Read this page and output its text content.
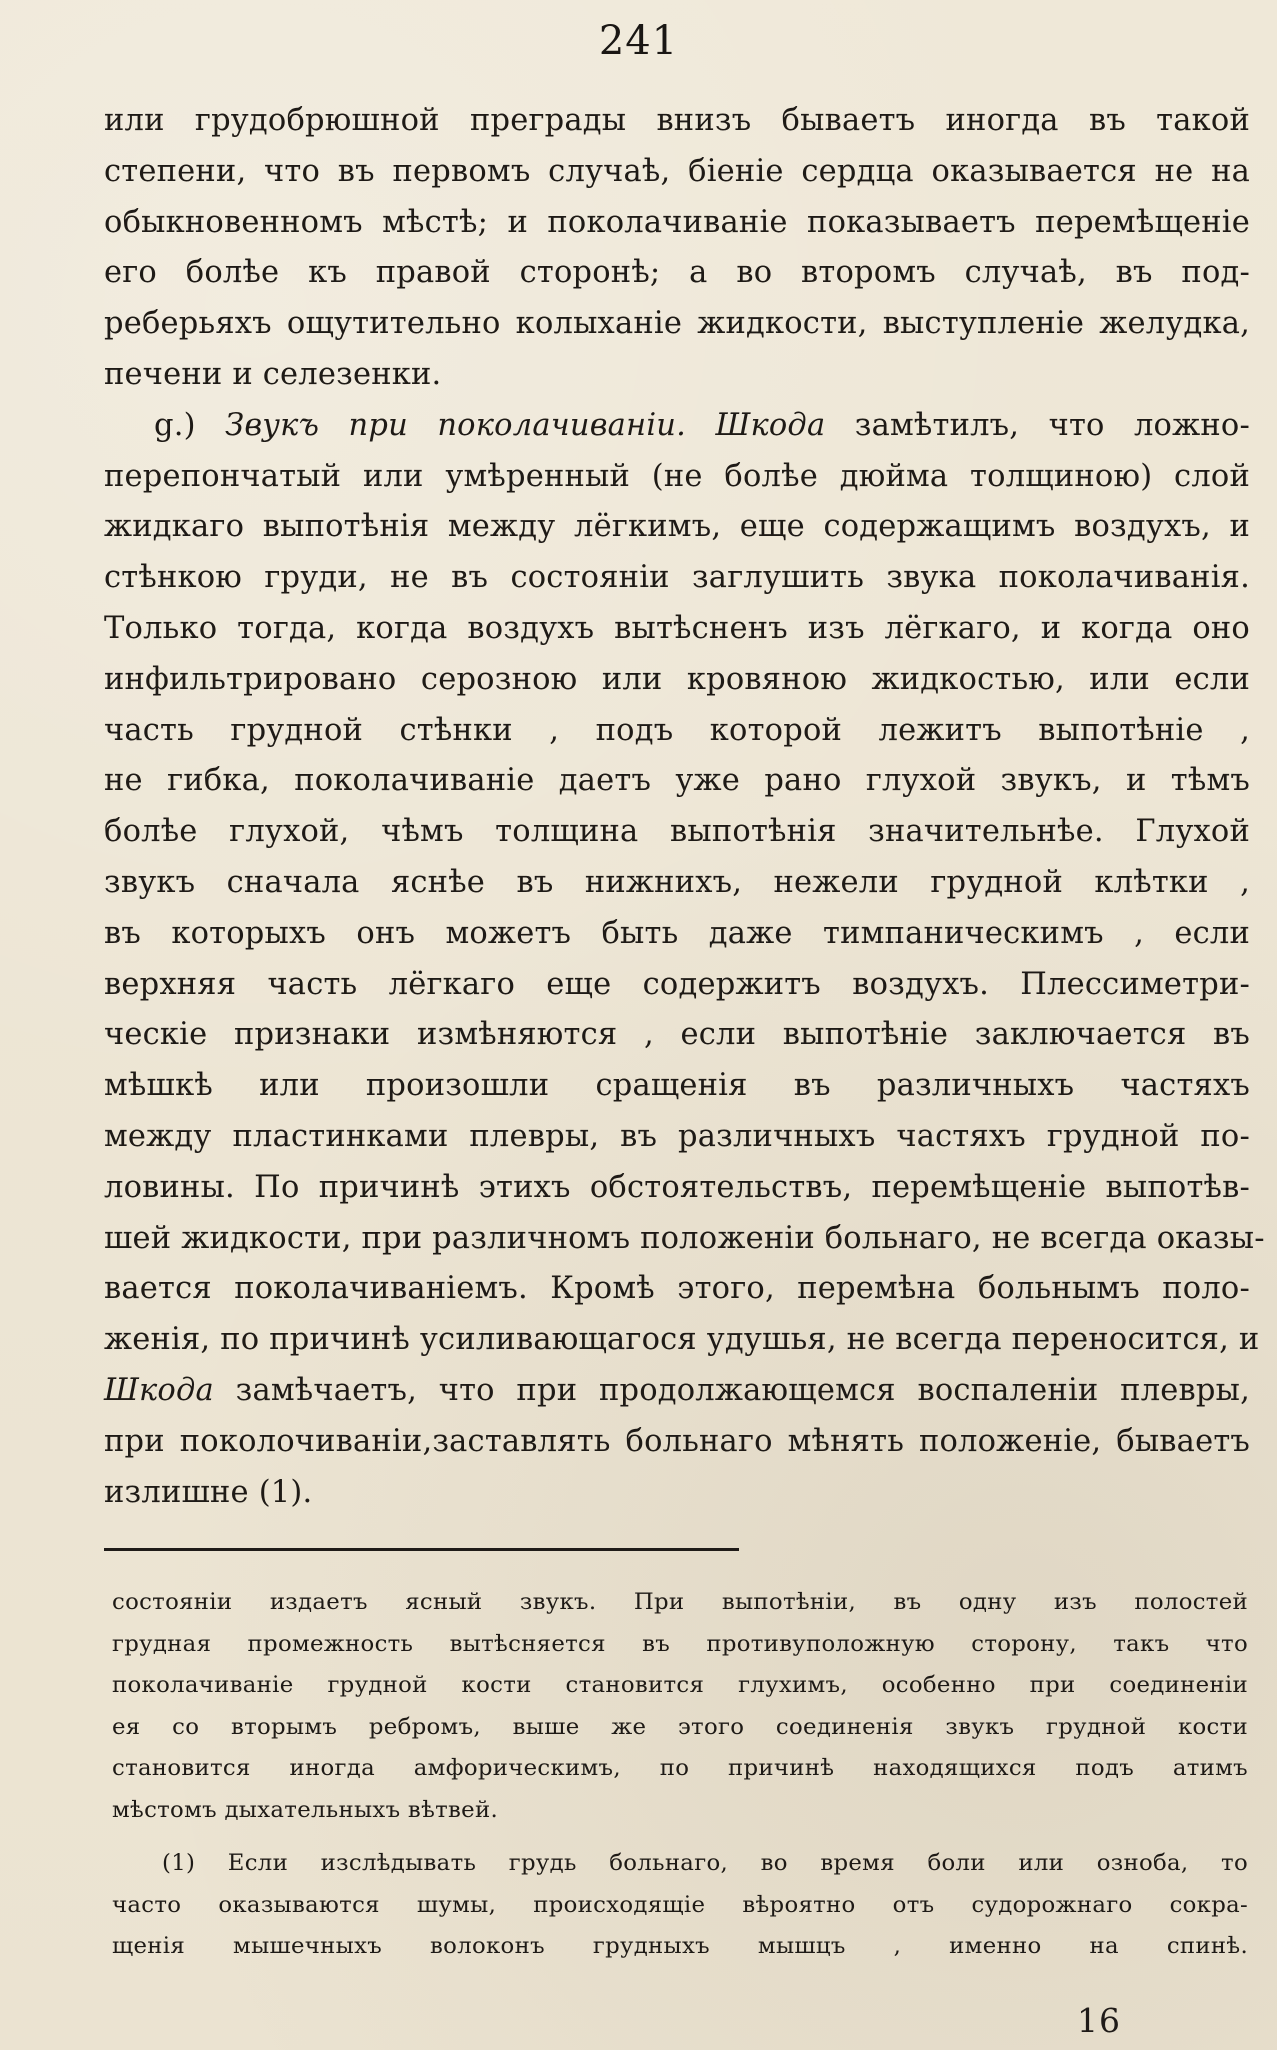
241
или грудобрюшной преграды внизъ бываетъ иногда въ такой
степени, что въ первомъ случаѣ, біеніе сердца оказывается не на
обыкновенномъ мѣстѣ; и поколачиваніе показываетъ перемѣщеніе
его болѣе къ правой сторонѣ; а во второмъ случаѣ, въ под-
реберьяхъ ощутительно колыханіе жидкости, выступленіе желудка,
печени и селезенки.
g.) Звукъ при поколачиваніи. Шкода замѣтилъ, что ложно-
перепончатый или умѣренный (не болѣе дюйма толщиною) слой
жидкаго выпотѣнія между лёгкимъ, еще содержащимъ воздухъ, и
стѣнкою груди, не въ состояніи заглушить звука поколачиванія.
Только тогда, когда воздухъ вытѣсненъ изъ лёгкаго, и когда оно
инфильтрировано серозною или кровяною жидкостью, или если
часть грудной стѣнки , подъ которой лежитъ выпотѣніе ,
не гибка, поколачиваніе даетъ уже рано глухой звукъ, и тѣмъ
болѣе глухой, чѣмъ толщина выпотѣнія значительнѣе. Глухой
звукъ сначала яснѣе въ нижнихъ, нежели грудной клѣтки ,
въ которыхъ онъ можетъ быть даже тимпаническимъ , если
верхняя часть лёгкаго еще содержитъ воздухъ. Плессиметри-
ческіе признаки измѣняются , если выпотѣніе заключается въ
мѣшкѣ или произошли сращенія въ различныхъ частяхъ
между пластинками плевры, въ различныхъ частяхъ грудной по-
ловины. По причинѣ этихъ обстоятельствъ, перемѣщеніе выпотѣв-
шей жидкости, при различномъ положеніи больнаго, не всегда оказы-
вается поколачиваніемъ. Кромѣ этого, перемѣна больнымъ поло-
женія, по причинѣ усиливающагося удушья, не всегда переносится, и
Шкода замѣчаетъ, что при продолжающемся воспаленіи плевры,
при поколочиваніи,заставлять больнаго мѣнять положеніе, бываетъ
излишне (1).
состояніи издаетъ ясный звукъ. При выпотѣніи, въ одну изъ полостей
грудная промежность вытѣсняется въ противуположную сторону, такъ что
поколачиваніе грудной кости становится глухимъ, особенно при соединеніи
ея со вторымъ ребромъ, выше же этого соединенія звукъ грудной кости
становится иногда амфорическимъ, по причинѣ находящихся подъ атимъ
мѣстомъ дыхательныхъ вѣтвей.
(1) Если изслѣдывать грудь больнаго, во время боли или озноба, то
часто оказываются шумы, происходящіе вѣроятно отъ судорожнаго сокра-
щенія мышечныхъ волоконъ грудныхъ мышцъ , именно на спинѣ.
16
